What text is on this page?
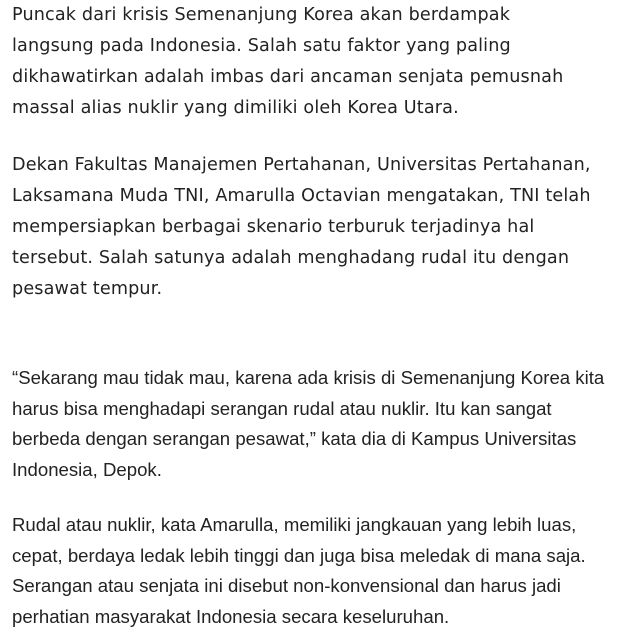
Puncak dari krisis Semenanjung Korea akan berdampak
langsung pada Indonesia. Salah satu faktor yang paling
dikhawatirkan adalah imbas dari ancaman senjata pemusnah
massal alias nuklir yang dimiliki oleh Korea Utara.

Dekan Fakultas Manajemen Pertahanan, Universitas Pertahanan,
Laksamana Muda TNI, Amarulla Octavian mengatakan, TNI telah
mempersiapkan berbagai skenario terburuk terjadinya hal
tersebut. Salah satunya adalah menghadang rudal itu dengan
pesawat tempur.

“Sekarang mau tidak mau, karena ada krisis di Semenanjung Korea kita
harus bisa menghadapi serangan rudal atau nuklir. Itu kan sangat
berbeda dengan serangan pesawat,” kata dia di Kampus Universitas
Indonesia, Depok.

Rudal atau nuklir, kata Amarulla, memiliki jangkauan yang lebih luas,
cepat, berdaya ledak lebih tinggi dan juga bisa meledak di mana saja.
Serangan atau senjata ini disebut non-konvensional dan harus jadi
perhatian masyarakat Indonesia secara keseluruhan.
